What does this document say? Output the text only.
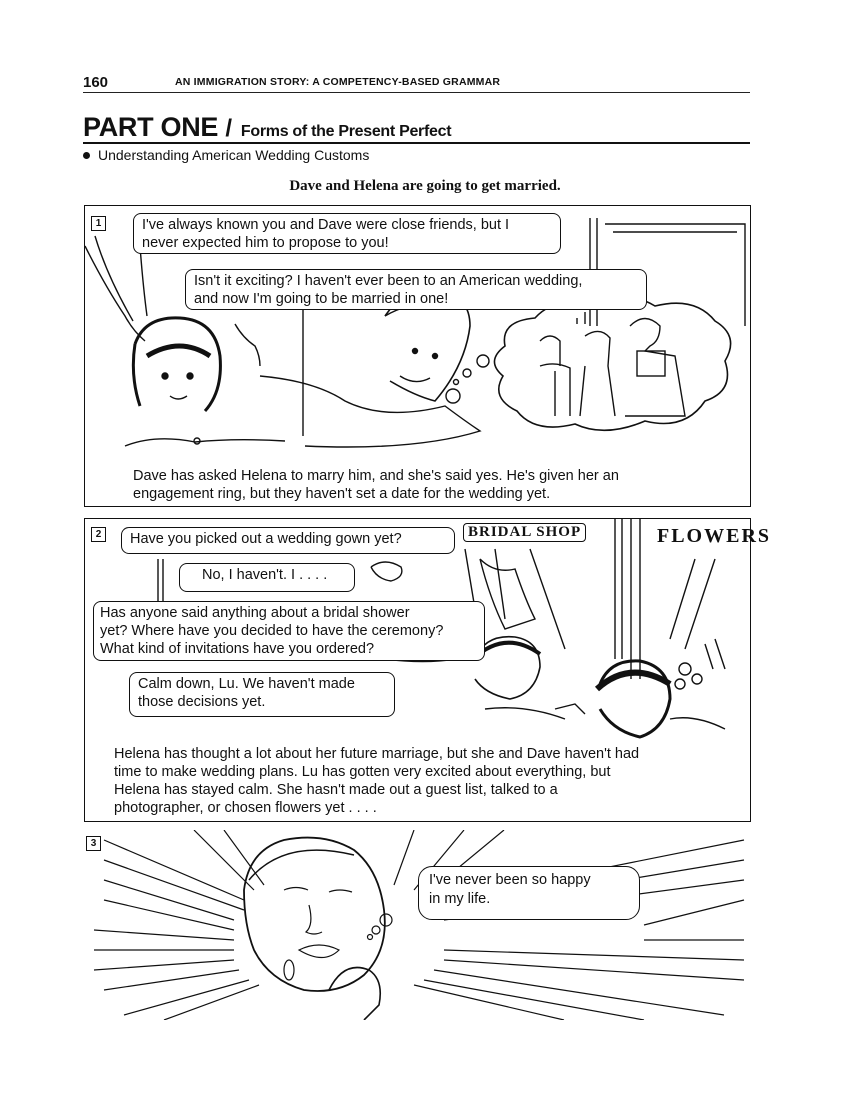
160	AN IMMIGRATION STORY: A COMPETENCY-BASED GRAMMAR
PART ONE / Forms of the Present Perfect
Understanding American Wedding Customs
Dave and Helena are going to get married.
1	I've always known you and Dave were close friends, but I
never expected him to propose to you!
Isn't it exciting? I haven't ever been to an American wedding,
and now I'm going to be married in one!
Dave has asked Helena to marry him, and she's said yes. He's given her an
engagement ring, but they haven't set a date for the wedding yet.
2	BRIDAL SHOP	FLOWERS
Have you picked out a wedding gown yet?
No, I haven't. I . . . .
Has anyone said anything about a bridal shower
yet? Where have you decided to have the ceremony?
What kind of invitations have you ordered?
Calm down, Lu. We haven't made
those decisions yet.
Helena has thought a lot about her future marriage, but she and Dave haven't had
time to make wedding plans. Lu has gotten very excited about everything, but
Helena has stayed calm. She hasn't made out a guest list, talked to a
photographer, or chosen flowers yet . . . .
3
I've never been so happy
in my life.
